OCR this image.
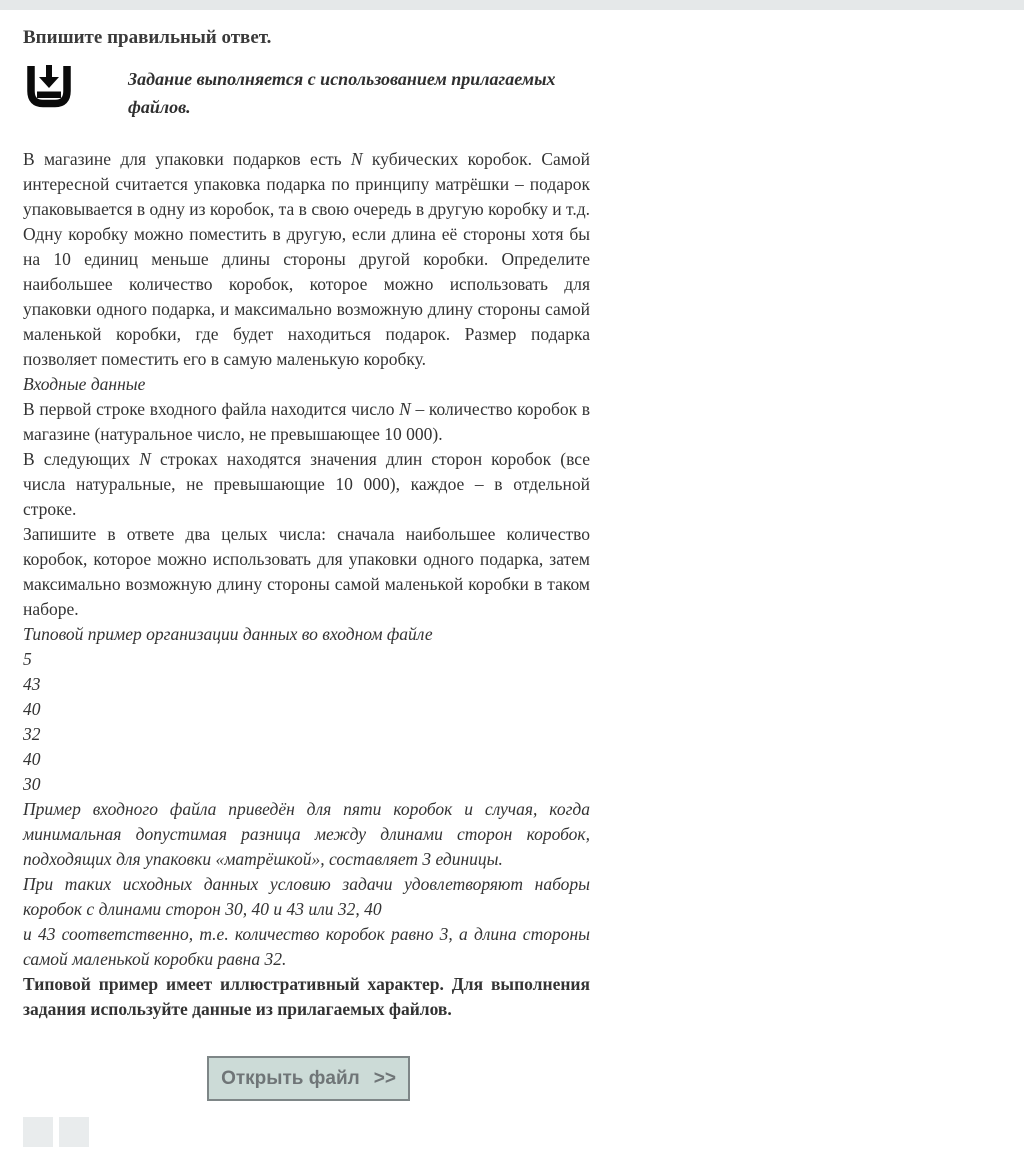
Впишите правильный ответ.
Задание выполняется с использованием прилагаемых файлов.

В магазине для упаковки подарков есть N кубических коробок. Самой интересной считается упаковка подарка по принципу матрёшки – подарок упаковывается в одну из коробок, та в свою очередь в другую коробку и т.д. Одну коробку можно поместить в другую, если длина её стороны хотя бы на 10 единиц меньше длины стороны другой коробки. Определите наибольшее количество коробок, которое можно использовать для упаковки одного подарка, и максимально возможную длину стороны самой маленькой коробки, где будет находиться подарок. Размер подарка позволяет поместить его в самую маленькую коробку.

Входные данные

В первой строке входного файла находится число N – количество коробок в магазине (натуральное число, не превышающее 10 000).

В следующих N строках находятся значения длин сторон коробок (все числа натуральные, не превышающие 10 000), каждое – в отдельной строке.

Запишите в ответе два целых числа: сначала наибольшее количество коробок, которое можно использовать для упаковки одного подарка, затем максимально возможную длину стороны самой маленькой коробки в таком наборе.

Типовой пример организации данных во входном файле

5
43
40
32
40
30

Пример входного файла приведён для пяти коробок и случая, когда минимальная допустимая разница между длинами сторон коробок, подходящих для упаковки «матрёшкой», составляет 3 единицы.

При таких исходных данных условию задачи удовлетворяют наборы коробок с длинами сторон 30, 40 и 43 или 32, 40

и 43 соответственно, т.е. количество коробок равно 3, а длина стороны самой маленькой коробки равна 32.

Типовой пример имеет иллюстративный характер. Для выполнения задания используйте данные из прилагаемых файлов.

Открыть файл >>
